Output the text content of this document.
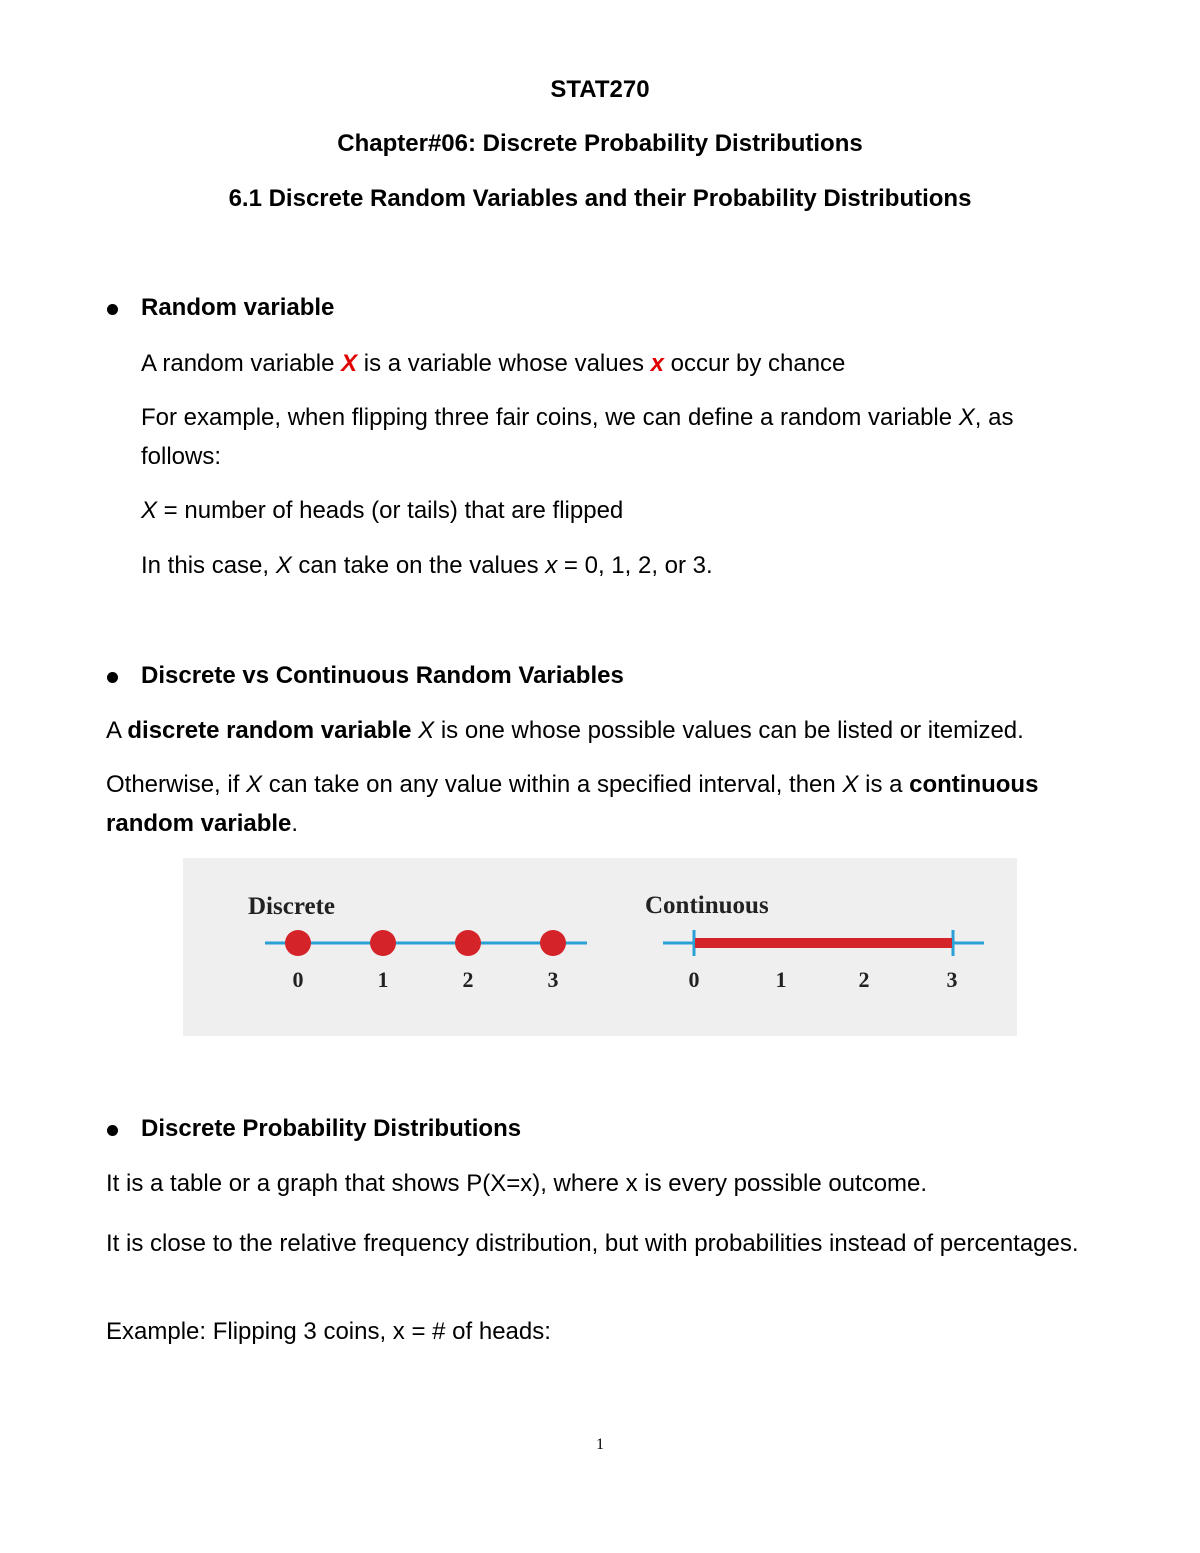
STAT270
Chapter#06: Discrete Probability Distributions
6.1 Discrete Random Variables and their Probability Distributions
Random variable
A random variable X is a variable whose values x occur by chance
For example, when flipping three fair coins, we can define a random variable X, as
follows:
X = number of heads (or tails) that are flipped
In this case, X can take on the values x = 0, 1, 2, or 3.
Discrete vs Continuous Random Variables
A discrete random variable X is one whose possible values can be listed or itemized.
Otherwise, if X can take on any value within a specified interval, then X is a continuous
random variable.
Discrete
0	1	2	3
Continuous
0	1	2	3
Discrete Probability Distributions
It is a table or a graph that shows P(X=x), where x is every possible outcome.
It is close to the relative frequency distribution, but with probabilities instead of percentages.
Example: Flipping 3 coins, x = # of heads:
1
